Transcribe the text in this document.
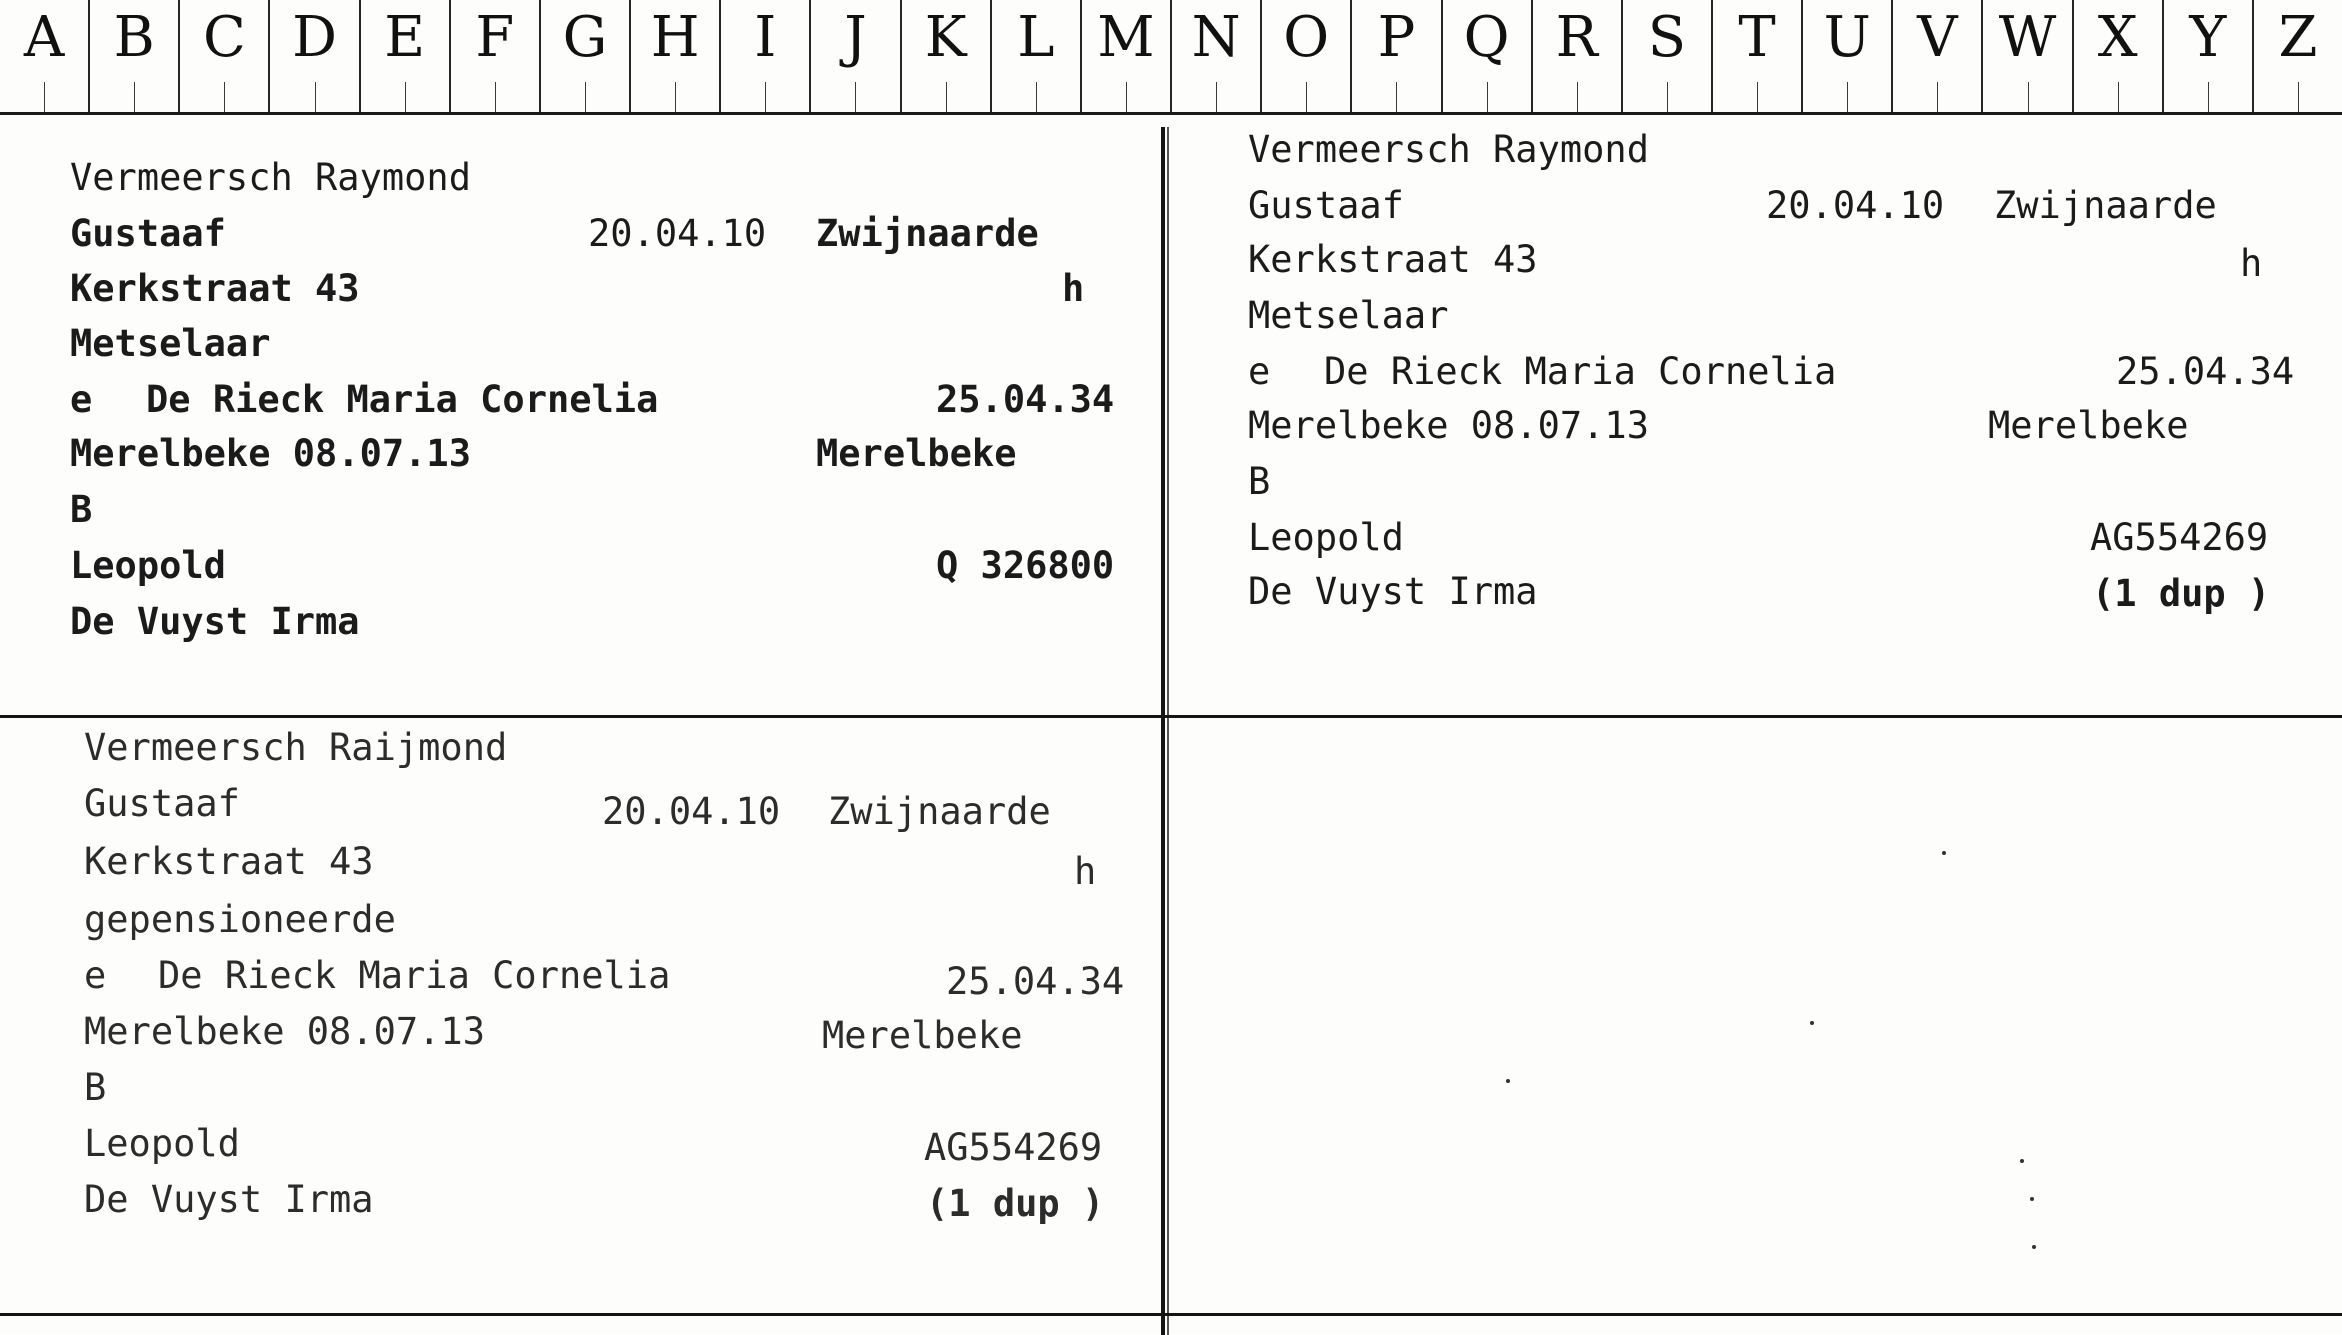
A B C D E F G H I	J	K L M N O P Q R S T U V W X Y Z
Vermeersch Raymond
Gustaaf	20.04.10 Zwijnaarde
Kerkstraat 43	h
Metselaar
e De Rieck Maria Cornelia	25.04.34
Merelbeke 08.07.13	Merelbeke
B
Leopold	Q 326800
De Vuyst Irma
Vermeersch Raymond
Gustaaf	20.04.10 Zwijnaarde
Kerkstraat 43	h
Metselaar
e De Rieck Maria Cornelia	25.04.34
Merelbeke 08.07.13	Merelbeke
B
Leopold	AG554269
De Vuyst Irma	(1 dup )
Vermeersch Raijmond
Gustaaf	20.04.10 Zwijnaarde
Kerkstraat 43	h
gepensioneerde
e De Rieck Maria Cornelia	25.04.34
Merelbeke 08.07.13	Merelbeke
B
Leopold	AG554269
De Vuyst Irma	(1 dup )
